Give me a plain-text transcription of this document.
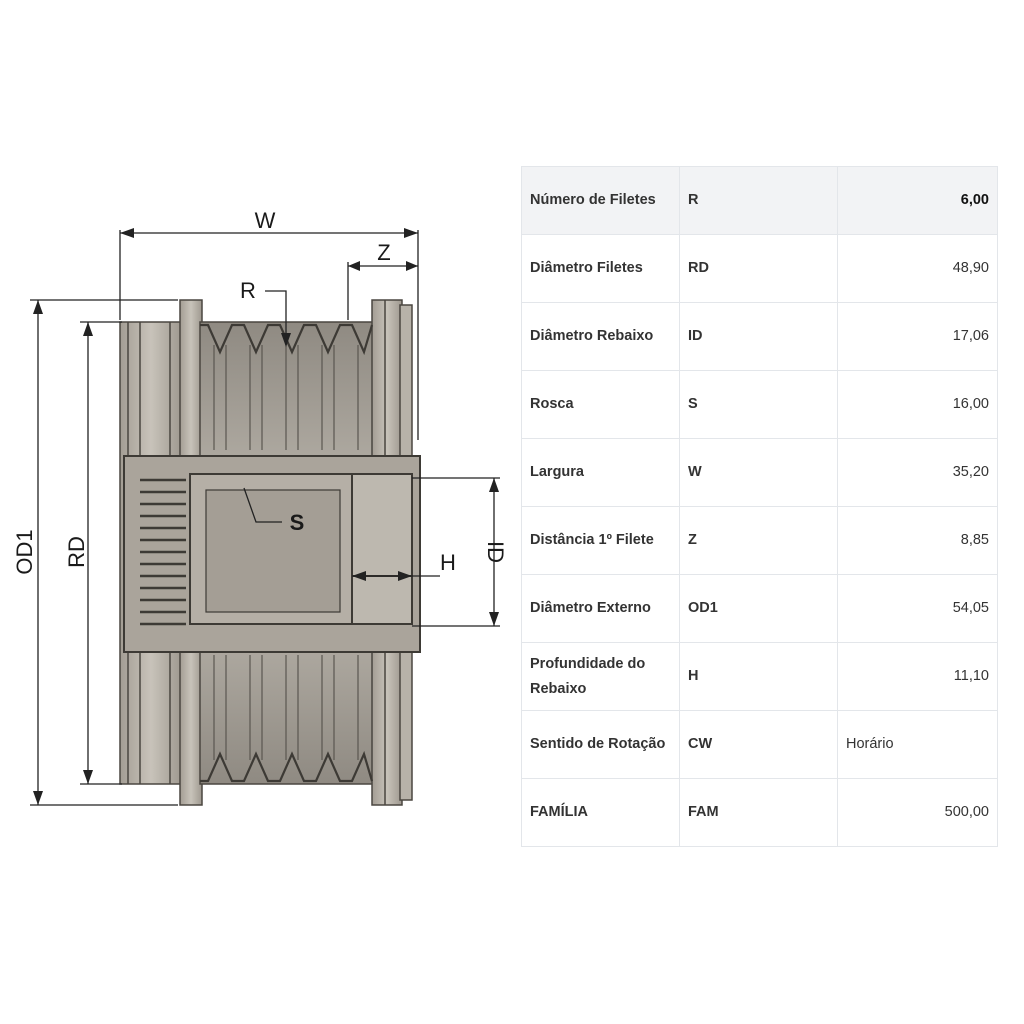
W
Z
R
S
H ID
RD
OD1
Número de Filetes	R	6,00
Diâmetro Filetes	RD	48,90
Diâmetro Rebaixo	ID	17,06
Rosca	S	16,00
Largura	W	35,20
Distância 1º Filete	Z	8,85
Diâmetro Externo	OD1	54,05
Profundidade do Rebaixo	H	11,10
Sentido de Rotação	CW	Horário
FAMÍLIA	FAM	500,00
